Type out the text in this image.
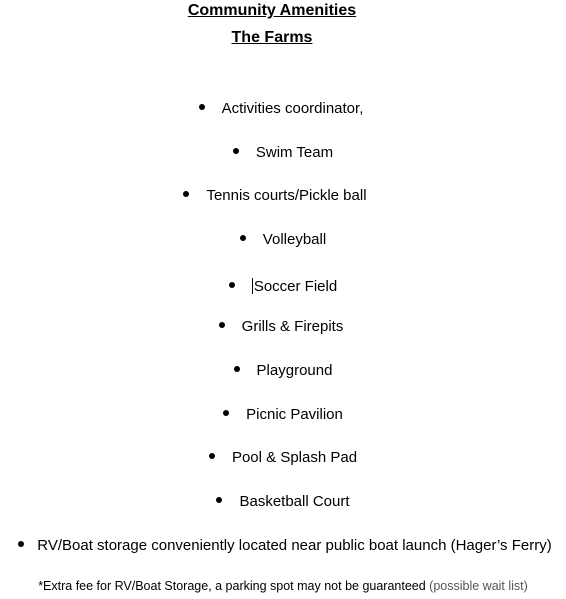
Community Amenities
The Farms
Activities coordinator,
Swim Team
Tennis courts/Pickle ball
Volleyball
Soccer Field
Grills & Firepits
Playground
Picnic Pavilion
Pool & Splash Pad
Basketball Court
RV/Boat storage conveniently located near public boat launch (Hager’s Ferry)
*Extra fee for RV/Boat Storage, a parking spot may not be guaranteed (possible wait list)
